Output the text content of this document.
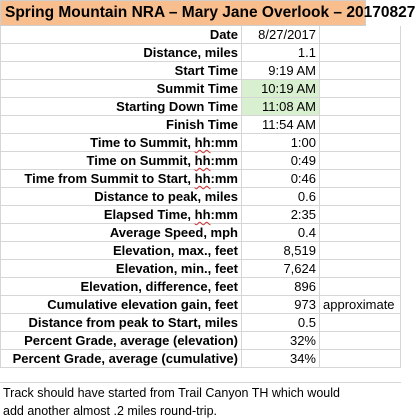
Spring Mountain NRA – Mary Jane Overlook – 20170827
Date	8/27/2017
Distance, miles	1.1
Start Time	9:19 AM
Summit Time	10:19 AM
Starting Down Time	11:08 AM
Finish Time	11:54 AM
Time to Summit, hh:mm	1:00
Time on Summit, hh:mm	0:49
Time from Summit to Start, hh:mm	0:46
Distance to peak, miles	0.6
Elapsed Time, hh:mm	2:35
Average Speed, mph	0.4
Elevation, max., feet	8,519
Elevation, min., feet	7,624
Elevation, difference, feet	896
Cumulative elevation gain, feet	973 approximate
Distance from peak to Start, miles	0.5
Percent Grade, average (elevation)	32%
Percent Grade, average (cumulative)	34%
Track should have started from Trail Canyon TH which would
add another almost .2 miles round-trip.
